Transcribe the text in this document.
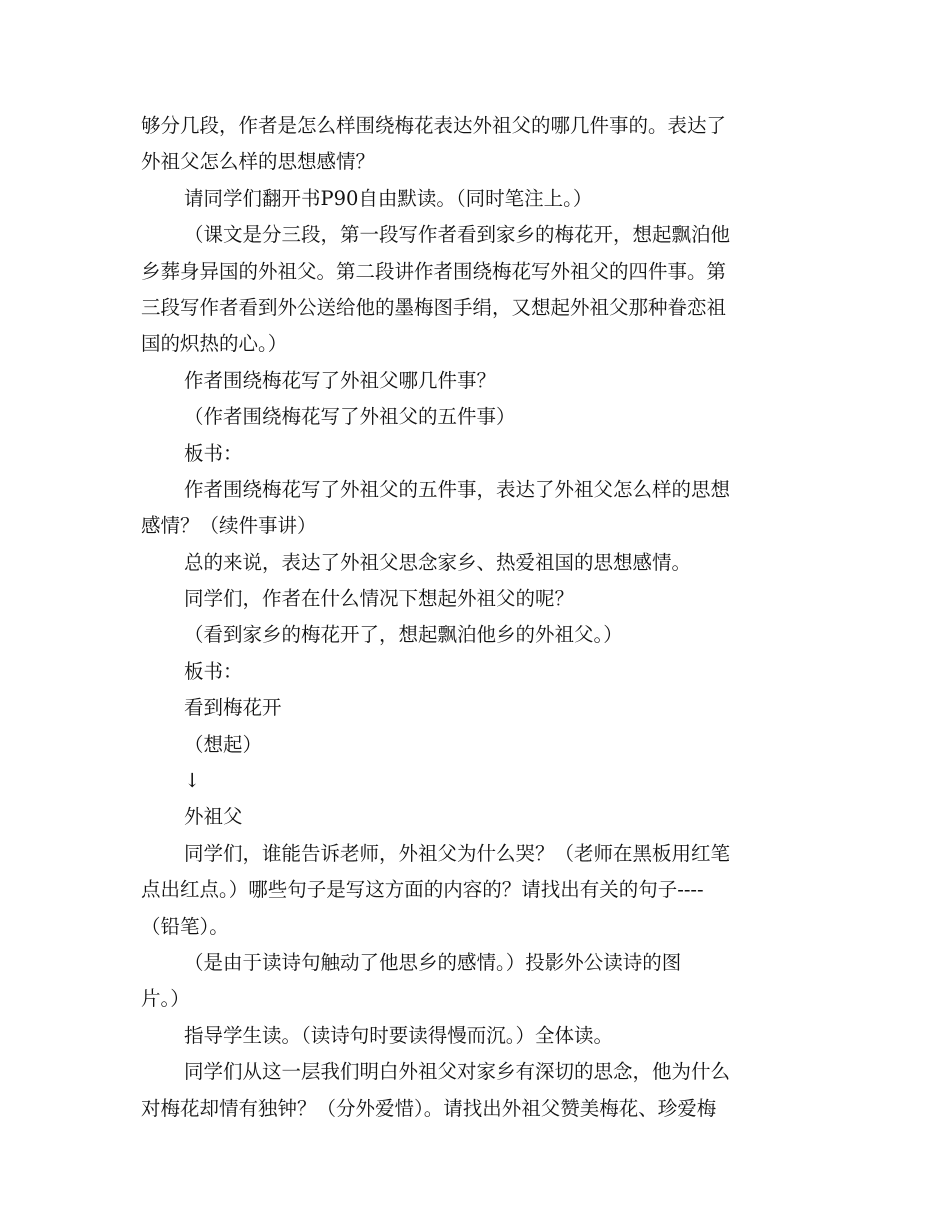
够分几段，作者是怎么样围绕梅花表达外祖父的哪几件事的。表达了
外祖父怎么样的思想感情？
请同学们翻开书P90自由默读。（同时笔注上。）
（课文是分三段，第一段写作者看到家乡的梅花开，想起飘泊他
乡葬身异国的外祖父。第二段讲作者围绕梅花写外祖父的四件事。第
三段写作者看到外公送给他的墨梅图手绢，又想起外祖父那种眷恋祖
国的炽热的心。）
作者围绕梅花写了外祖父哪几件事？
（作者围绕梅花写了外祖父的五件事）
板书：
作者围绕梅花写了外祖父的五件事，表达了外祖父怎么样的思想
感情？（续件事讲）
总的来说，表达了外祖父思念家乡、热爱祖国的思想感情。
同学们，作者在什么情况下想起外祖父的呢？
（看到家乡的梅花开了，想起飘泊他乡的外祖父。）
板书：
看到梅花开
（想起）
↓
外祖父
同学们，谁能告诉老师，外祖父为什么哭？（老师在黑板用红笔
点出红点。）哪些句子是写这方面的内容的？请找出有关的句子----
（铅笔）。
（是由于读诗句触动了他思乡的感情。）投影外公读诗的图
片。）
指导学生读。（读诗句时要读得慢而沉。）全体读。
同学们从这一层我们明白外祖父对家乡有深切的思念，他为什么
对梅花却情有独钟？（分外爱惜）。请找出外祖父赞美梅花、珍爱梅
